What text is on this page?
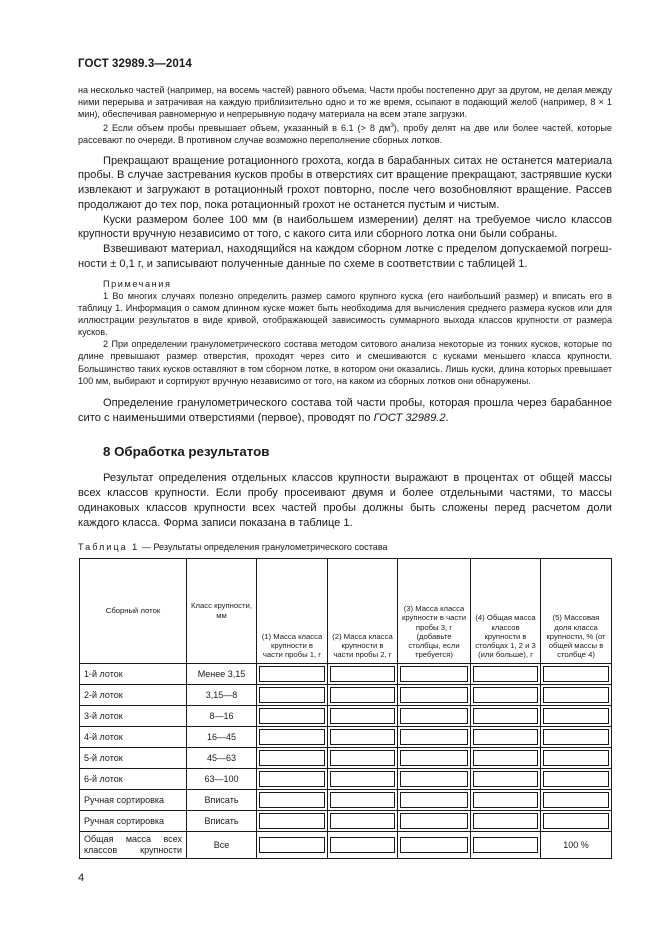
ГОСТ 32989.3—2014

на несколько частей (например, на восемь частей) равного объема. Части пробы постепенно друг за другом, не делая между ними перерыва и затрачивая на каждую приблизительно одно и то же время, ссыпают в подающий желоб (например, 8 × 1 мин), обеспечивая равномерную и непрерывную подачу материала на всем этапе загрузки.

2 Если объем пробы превышает объем, указанный в 6.1 (> 8 $дм^3$), пробу делят на две или более частей, которые рассевают по очереди. В противном случае возможно переполнение сборных лотков.

Прекращают вращение ротационного грохота, когда в барабанных ситах не останется материала пробы. В случае застревания кусков пробы в отверстиях сит вращение прекращают, застрявшие куски извлекают и загружают в ротационный грохот повторно, после чего возобновляют вращение. Рассев продолжают до тех пор, пока ротационный грохот не останется пустым и чистым.

Куски размером более 100 мм (в наибольшем измерении) делят на требуемое число классов крупности вручную независимо от того, с какого сита или сборного лотка они были собраны.

Взвешивают материал, находящийся на каждом сборном лотке с пределом допускаемой погрешности ± 0,1 г, и записывают полученные данные по схеме в соответствии с таблицей 1.

Примечания

1 Во многих случаях полезно определить размер самого крупного куска (его наибольший размер) и вписать его в таблицу 1. Информация о самом длинном куске может быть необходима для вычисления среднего размера кусков или для иллюстрации результатов в виде кривой, отображающей зависимость суммарного выхода классов крупности от размера кусков.

2 При определении гранулометрического состава методом ситового анализа некоторые из тонких кусков, которые по длине превышают размер отверстия, проходят через сито и смешиваются с кусками меньшего класса крупности. Большинство таких кусков оставляют в том сборном лотке, в котором они оказались. Лишь куски, длина которых превышает 100 мм, выбирают и сортируют вручную независимо от того, на каком из сборных лотков они обнаружены.

Определение гранулометрического состава той части пробы, которая прошла через барабанное сито с наименьшими отверстиями (первое), проводят по ГОСТ 32989.2.

8 Обработка результатов

Результат определения отдельных классов крупности выражают в процентах от общей массы всех классов крупности. Если пробу просеивают двумя и более отдельными частями, то массы одинаковых классов крупности всех частей пробы должны быть сложены перед расчетом доли каждого класса. Форма записи показана в таблице 1.

Таблица 1 — Результаты определения гранулометрического состава

Сборный лоток	Класс крупности, мм	(1) Масса класса крупности в части пробы 1, г	(2) Масса класса крупности в части пробы 2, г	(3) Масса класса крупности в части пробы 3, г (добавьте столбцы, если требуется)	(4) Общая масса классов крупности в столбцах 1, 2 и 3 (или больше), г	(5) Массовая доля класса крупности, % (от общей массы в столбце 4)
1-й лоток	Менее 3,15	

2-й лоток	3,15—8	

3-й лоток	8—16	

4-й лоток	16—45	

5-й лоток	45—63	

6-й лоток	63—100	

Ручная сортировка	Вписать	

Ручная сортировка	Вписать	

Общая масса всех классов крупности	Все					100 %
4
